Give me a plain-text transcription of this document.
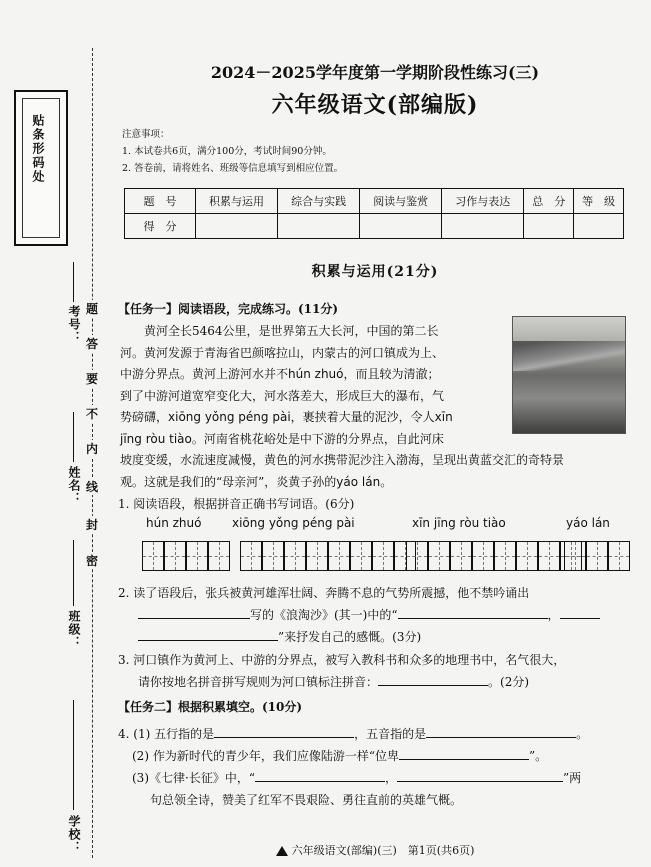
贴条形码处
考号：
姓名：
班级：
学校：
题
答
要
不
内
线
封
密
2024－2025学年度第一学期阶段性练习(三)
六年级语文(部编版)
注意事项：
1. 本试卷共6页，满分100分，考试时间90分钟。
2. 答卷前，请将姓名、班级等信息填写到相应位置。
题　号	积累与运用	综合与实践	阅读与鉴赏	习作与表达	总　分	等　级
得　分						
积累与运用(21分)
【任务一】阅读语段，完成练习。(11分)
黄河全长5464公里，是世界第五大长河，中国的第二长
河。黄河发源于青海省巴颜喀拉山，内蒙古的河口镇成为上、
中游分界点。黄河上游河水并不hún zhuó，而且较为清澈；
到了中游河道宽窄变化大，河水落差大，形成巨大的瀑布，气
势磅礴，xiōng yǒng péng pài，裹挟着大量的泥沙，令人xīn
jīng ròu tiào。河南省桃花峪处是中下游的分界点，自此河床
坡度变缓，水流速度减慢，黄色的河水携带泥沙注入渤海，呈现出黄蓝交汇的奇特景
观。这就是我们的“母亲河”，炎黄子孙的yáo lán。
1. 阅读语段，根据拼音正确书写词语。(6分)
hún zhuó	xiōng yǒng péng pài	xīn jīng ròu tiào	yáo lán
2. 读了语段后，张兵被黄河雄浑壮阔、奔腾不息的气势所震撼，他不禁吟诵出
写的《浪淘沙》(其一)中的“	，
”来抒发自己的感慨。(3分)
3. 河口镇作为黄河上、中游的分界点，被写入教科书和众多的地理书中，名气很大，
请你按地名拼音拼写规则为河口镇标注拼音：	。(2分)
【任务二】根据积累填空。(10分)
4. (1) 五行指的是	，五音指的是	。
(2) 作为新时代的青少年，我们应像陆游一样“位卑	”。
(3)《七律·长征》中，“	，	”两
句总领全诗，赞美了红军不畏艰险、勇往直前的英雄气概。
六年级语文(部编)(三)　第1页(共6页)
